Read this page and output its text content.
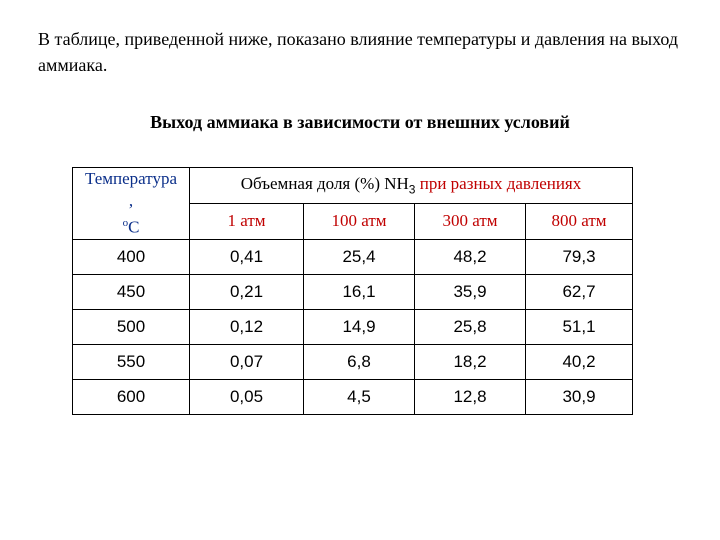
В таблице, приведенной ниже, показано влияние температуры и давления на выход аммиака.
Выход аммиака в зависимости от внешних условий
Температура
,
$^o$C	Объемная доля (%) $NH_3$ при разных давлениях			
	1 атм	100 атм	300 атм	800 атм
400	0,41	25,4	48,2	79,3
450	0,21	16,1	35,9	62,7
500	0,12	14,9	25,8	51,1
550	0,07	6,8	18,2	40,2
600	0,05	4,5	12,8	30,9
